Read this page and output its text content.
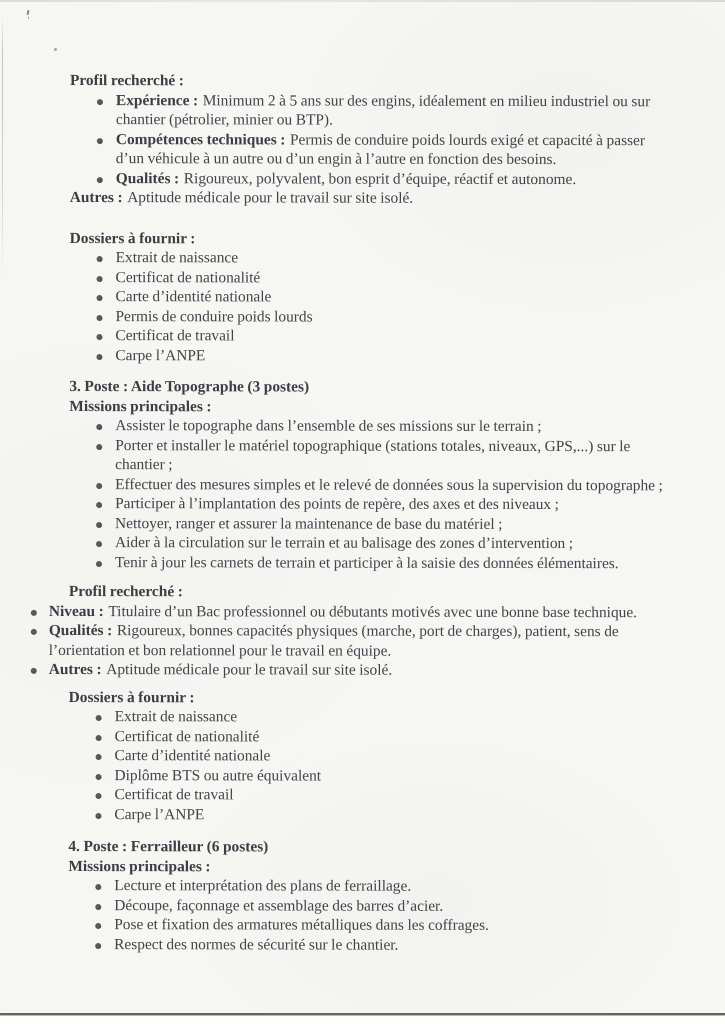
Profil recherché :
Expérience : Minimum 2 à 5 ans sur des engins, idéalement en milieu industriel ou sur chantier (pétrolier, minier ou BTP).
Compétences techniques : Permis de conduire poids lourds exigé et capacité à passer d’un véhicule à un autre ou d’un engin à l’autre en fonction des besoins.
Qualités : Rigoureux, polyvalent, bon esprit d’équipe, réactif et autonome.
Autres : Aptitude médicale pour le travail sur site isolé.
Dossiers à fournir :
Extrait de naissance
Certificat de nationalité
Carte d’identité nationale
Permis de conduire poids lourds
Certificat de travail
Carpe l’ANPE
3. Poste : Aide Topographe (3 postes)
Missions principales :
Assister le topographe dans l’ensemble de ses missions sur le terrain ;
Porter et installer le matériel topographique (stations totales, niveaux, GPS,...) sur le chantier ;
Effectuer des mesures simples et le relevé de données sous la supervision du topographe ;
Participer à l’implantation des points de repère, des axes et des niveaux ;
Nettoyer, ranger et assurer la maintenance de base du matériel ;
Aider à la circulation sur le terrain et au balisage des zones d’intervention ;
Tenir à jour les carnets de terrain et participer à la saisie des données élémentaires.
Profil recherché :
Niveau : Titulaire d’un Bac professionnel ou débutants motivés avec une bonne base technique.
Qualités : Rigoureux, bonnes capacités physiques (marche, port de charges), patient, sens de l’orientation et bon relationnel pour le travail en équipe.
Autres : Aptitude médicale pour le travail sur site isolé.
Dossiers à fournir :
Extrait de naissance
Certificat de nationalité
Carte d’identité nationale
Diplôme BTS ou autre équivalent
Certificat de travail
Carpe l’ANPE
4. Poste : Ferrailleur (6 postes)
Missions principales :
Lecture et interprétation des plans de ferraillage.
Découpe, façonnage et assemblage des barres d’acier.
Pose et fixation des armatures métalliques dans les coffrages.
Respect des normes de sécurité sur le chantier.
